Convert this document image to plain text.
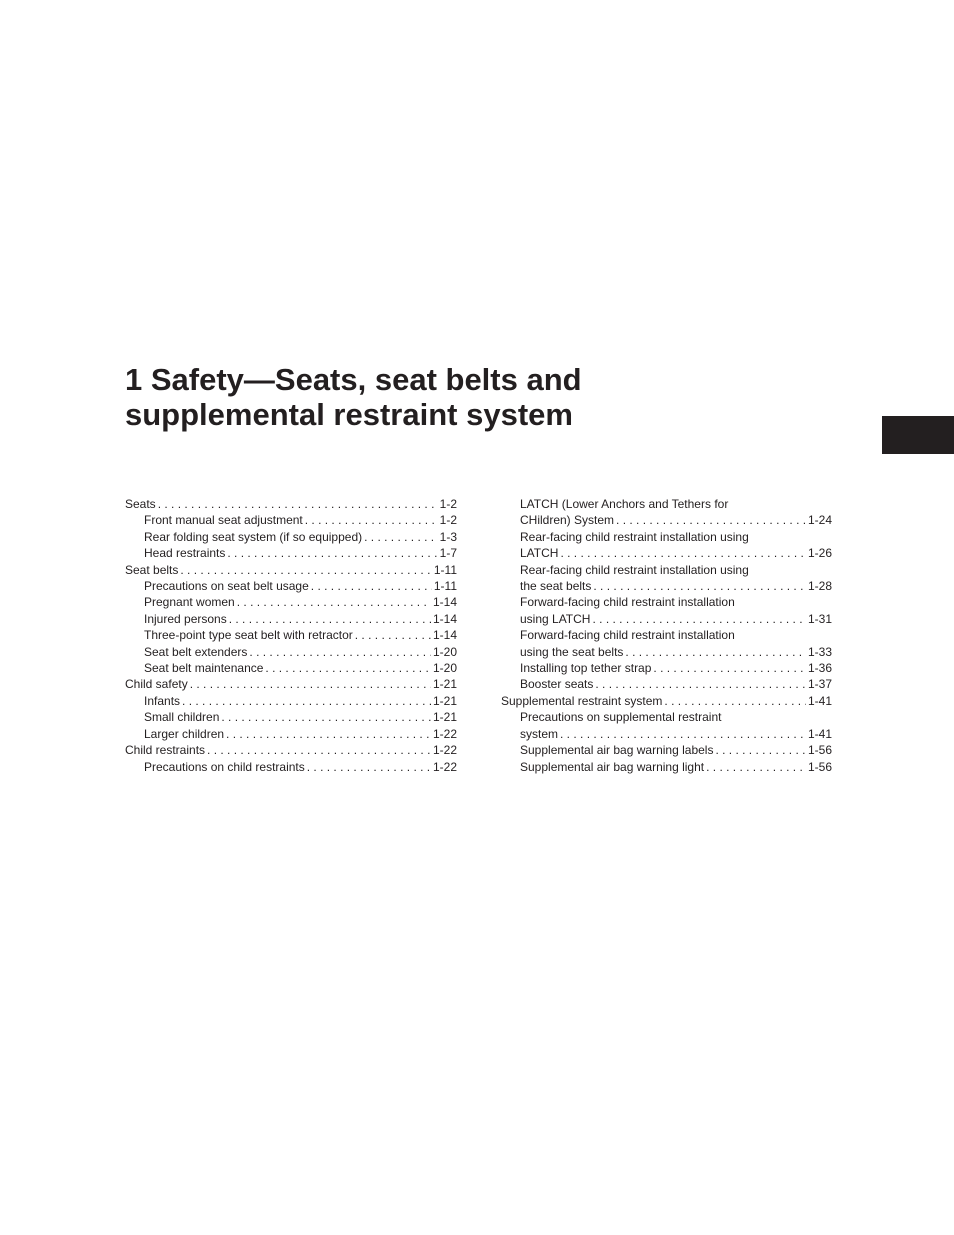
1 Safety—Seats, seat belts and
supplemental restraint system
Seats . . .	1-2
Front manual seat adjustment . . .	1-2
Rear folding seat system (if so equipped) . . .	1-3
Head restraints . . .	1-7
Seat belts . . .	1-11
Precautions on seat belt usage . . .	1-11
Pregnant women . . .	1-14
Injured persons . . .	1-14
Three-point type seat belt with retractor . . .	1-14
Seat belt extenders . . .	1-20
Seat belt maintenance . . .	1-20
Child safety . . .	1-21
Infants . . .	1-21
Small children . . .	1-21
Larger children . . .	1-22
Child restraints . . .	1-22
Precautions on child restraints . . .	1-22
LATCH (Lower Anchors and Tethers for
CHildren) System . . .	1-24
Rear-facing child restraint installation using
LATCH . . .	1-26
Rear-facing child restraint installation using
the seat belts . . .	1-28
Forward-facing child restraint installation
using LATCH . . .	1-31
Forward-facing child restraint installation
using the seat belts . . .	1-33
Installing top tether strap . . .	1-36
Booster seats . . .	1-37
Supplemental restraint system . . .	1-41
Precautions on supplemental restraint
system . . .	1-41
Supplemental air bag warning labels . . .	1-56
Supplemental air bag warning light . . .	1-56
